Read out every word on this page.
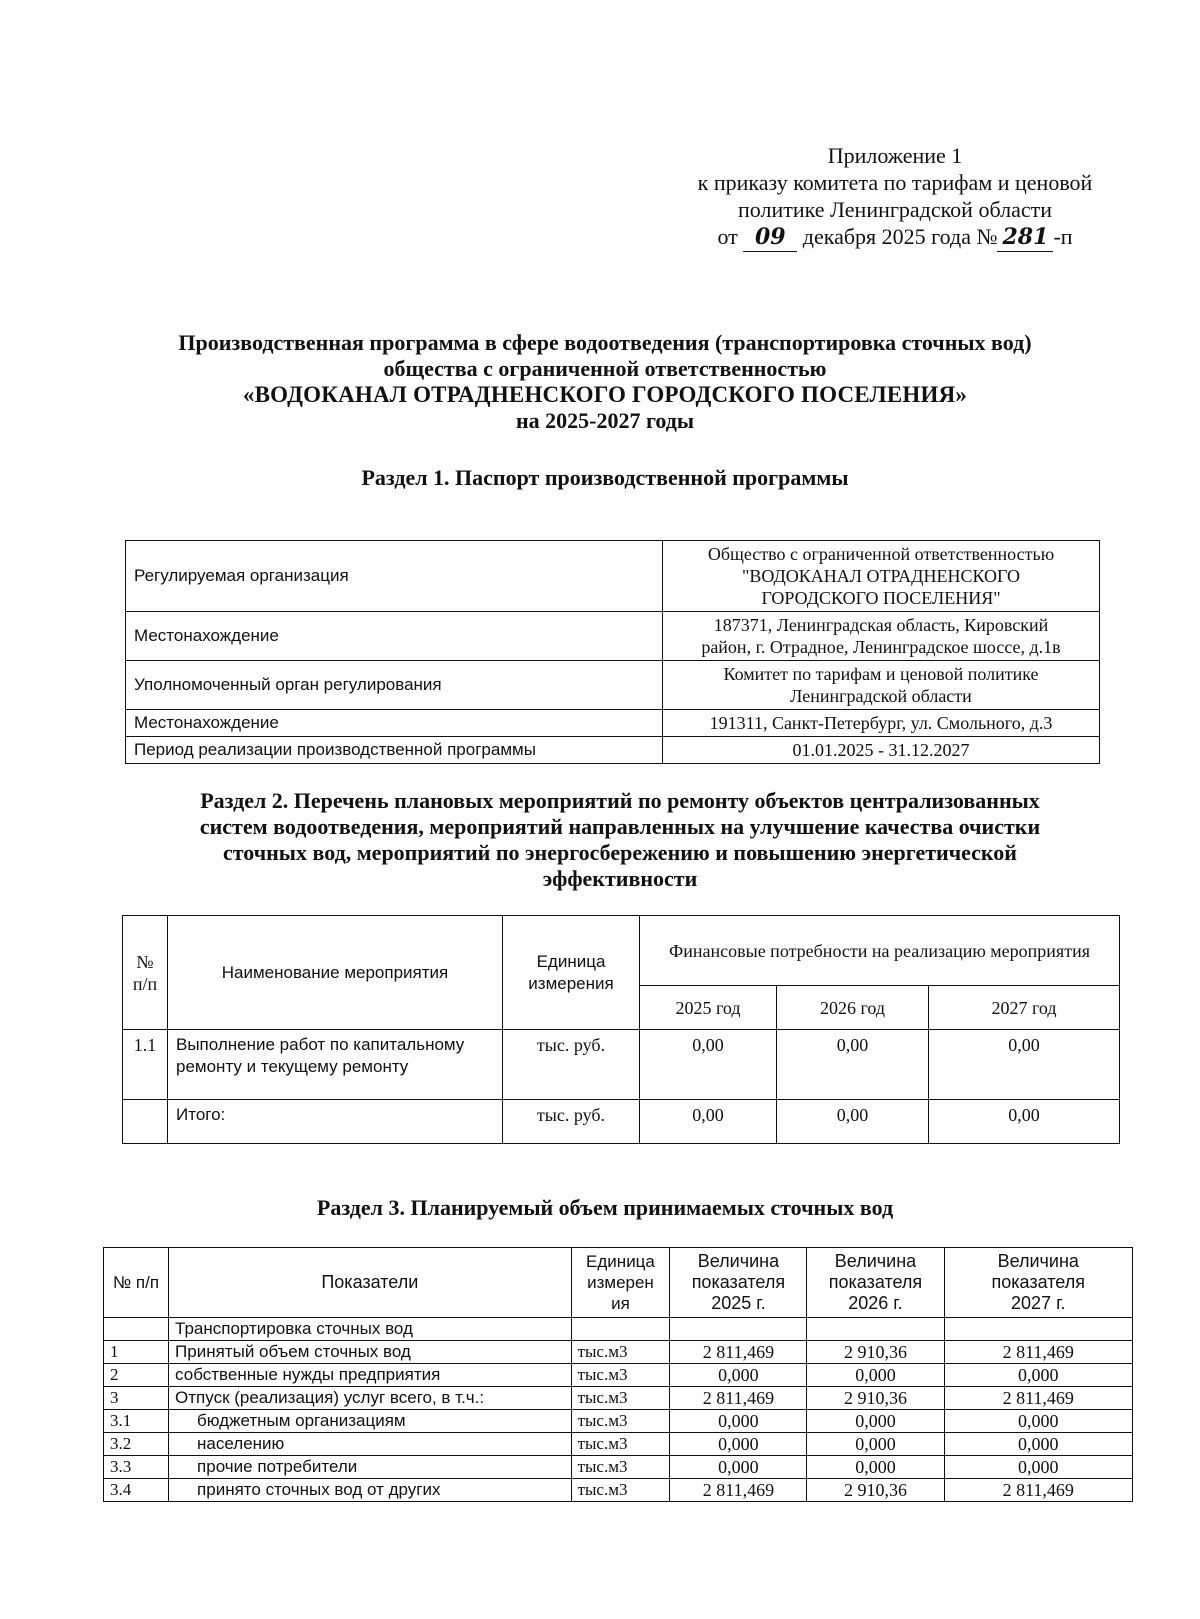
Приложение 1
к приказу комитета по тарифам и ценовой
политике Ленинградской области
от 09 декабря 2025 года № 281 -п
Производственная программа в сфере водоотведения (транспортировка сточных вод)
общества с ограниченной ответственностью
«ВОДОКАНАЛ ОТРАДНЕНСКОГО ГОРОДСКОГО ПОСЕЛЕНИЯ»
на 2025-2027 годы
Раздел 1. Паспорт производственной программы
Регулируемая организация	Общество с ограниченной ответственностью
"ВОДОКАНАЛ ОТРАДНЕНСКОГО
ГОРОДСКОГО ПОСЕЛЕНИЯ"
Местонахождение	187371, Ленинградская область, Кировский
район, г. Отрадное, Ленинградское шоссе, д.1в
Уполномоченный орган регулирования	Комитет по тарифам и ценовой политике
Ленинградской области
Местонахождение	191311, Санкт-Петербург, ул. Смольного, д.3
Период реализации производственной программы	01.01.2025 - 31.12.2027
Раздел 2. Перечень плановых мероприятий по ремонту объектов централизованных
систем водоотведения, мероприятий направленных на улучшение качества очистки
сточных вод, мероприятий по энергосбережению и повышению энергетической
эффективности
№ п/п	Наименование мероприятия	Единица измерения	Финансовые потребности на реализацию мероприятия		
			2025 год	2026 год	2027 год
1.1	Выполнение работ по капитальному ремонту и текущему ремонту	тыс. руб.	0,00	0,00	0,00
	Итого:	тыс. руб.	0,00	0,00	0,00
Раздел 3. Планируемый объем принимаемых сточных вод
№ п/п	Показатели	Единица
измерен
ия	Величина
показателя
2025 г.	Величина
показателя
2026 г.	Величина
показателя
2027 г.
	Транспортировка сточных вод				
1	Принятый объем сточных вод	тыс.м3	2 811,469	2 910,36	2 811,469
2	собственные нужды предприятия	тыс.м3	0,000	0,000	0,000
3	Отпуск (реализация) услуг всего, в т.ч.:	тыс.м3	2 811,469	2 910,36	2 811,469
3.1	бюджетным организациям	тыс.м3	0,000	0,000	0,000
3.2	населению	тыс.м3	0,000	0,000	0,000
3.3	прочие потребители	тыс.м3	0,000	0,000	0,000
3.4	принято сточных вод от других	тыс.м3	2 811,469	2 910,36	2 811,469
